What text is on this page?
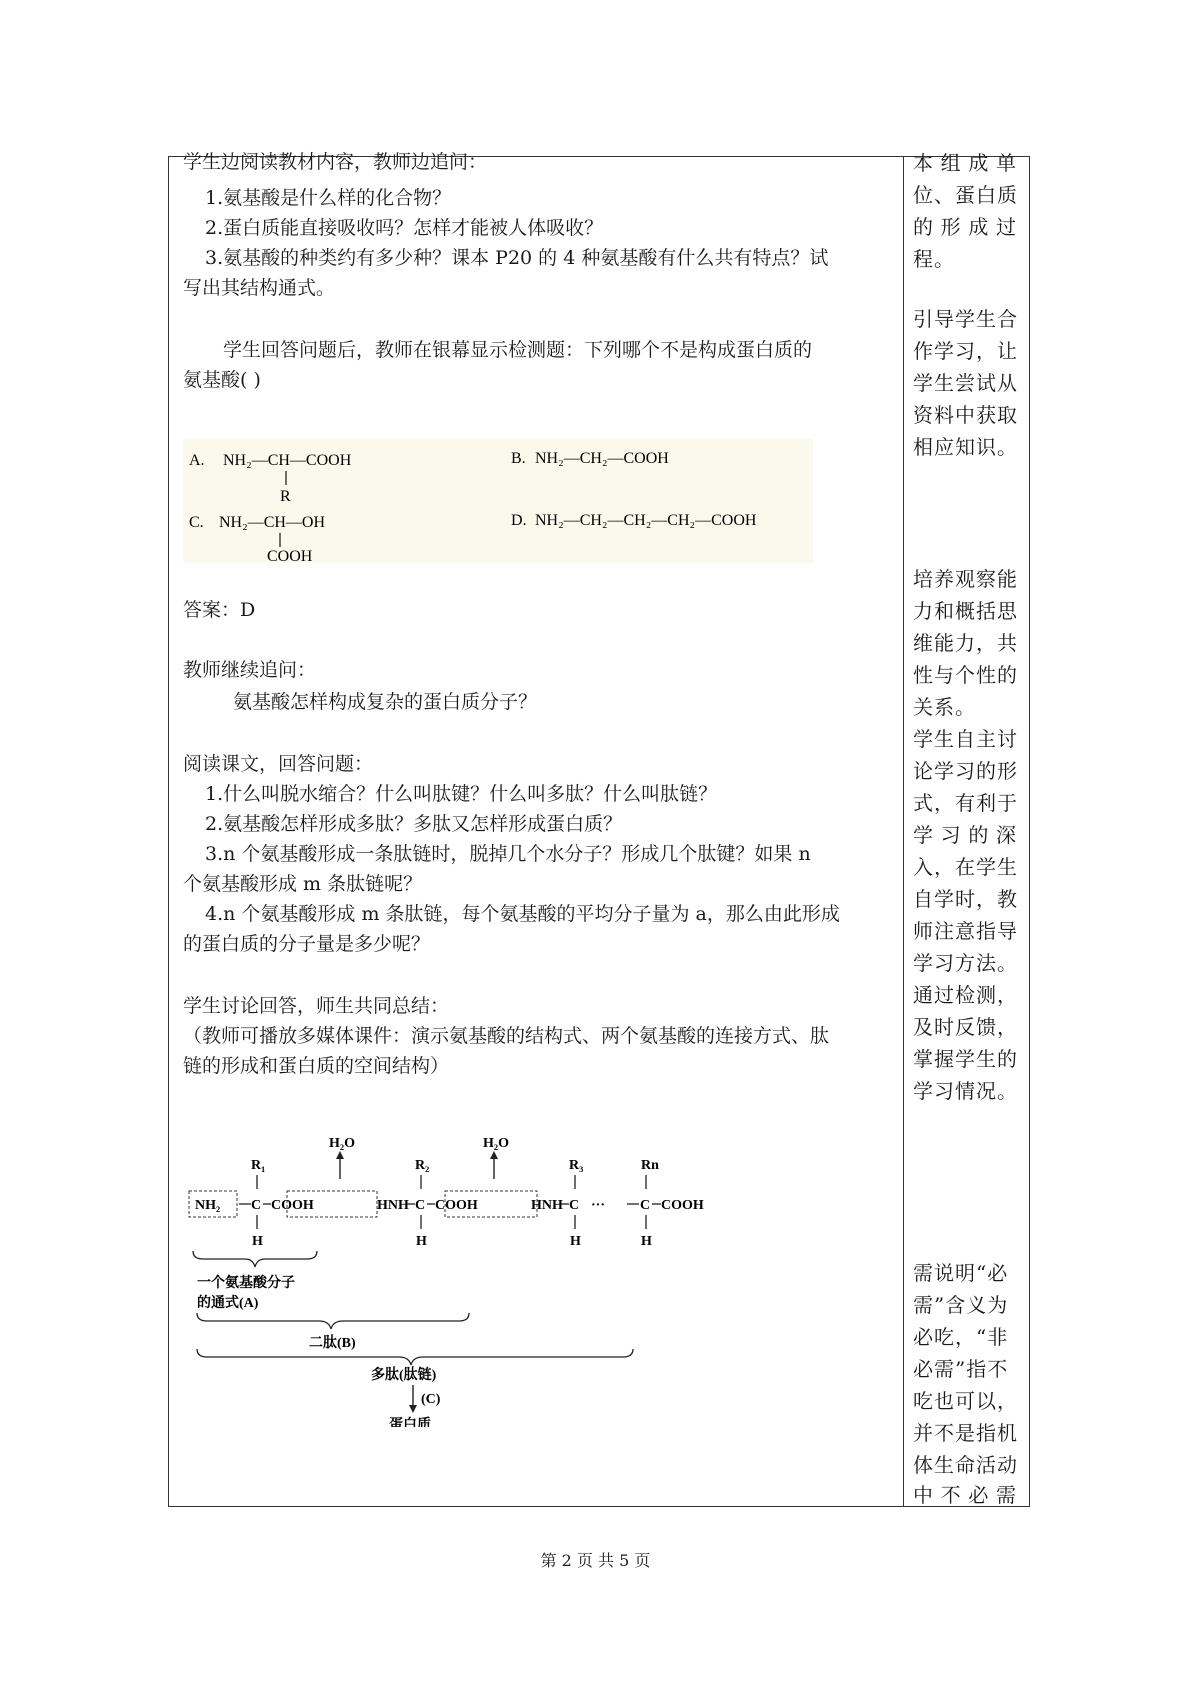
学生边阅读教材内容，教师边追问：
1.氨基酸是什么样的化合物？
2.蛋白质能直接吸收吗？怎样才能被人体吸收？
3.氨基酸的种类约有多少种？课本 P20 的 4 种氨基酸有什么共有特点？试
写出其结构通式。
学生回答问题后，教师在银幕显示检测题：下列哪个不是构成蛋白质的
氨基酸( )
A. NH₂—CH—COOH
R
B. NH₂—CH₂—COOH
C. NH₂—CH—OH
COOH
D. NH₂—CH₂—CH₂—CH₂—COOH
答案：D
教师继续追问：
氨基酸怎样构成复杂的蛋白质分子？
阅读课文，回答问题：
1.什么叫脱水缩合？什么叫肽键？什么叫多肽？什么叫肽链？
2.氨基酸怎样形成多肽？多肽又怎样形成蛋白质？
3.n 个氨基酸形成一条肽链时，脱掉几个水分子？形成几个肽键？如果 n
个氨基酸形成 m 条肽链呢？
4.n 个氨基酸形成 m 条肽链，每个氨基酸的平均分子量为 a，那么由此形成
的蛋白质的分子量是多少呢？
学生讨论回答，师生共同总结：
（教师可播放多媒体课件：演示氨基酸的结构式、两个氨基酸的连接方式、肽
链的形成和蛋白质的空间结构）
H₂O	H₂O
R₁	R₂	R₃	Rn
NH₂ C COOH	HNH C COOH	HNH C ··· C COOH
H	H	H	H
一个氨基酸分子
的通式(A)
二肽(B)
多肽(肽链)
(C)
蛋白质
本 组 成 单
位、蛋白质
的 形 成 过
程。
引导学生合
作学习，让
学生尝试从
资料中获取
相应知识。
培养观察能
力和概括思
维能力，共
性与个性的
关系。
学生自主讨
论学习的形
式，有利于
学 习 的 深
入，在学生
自学时，教
师注意指导
学习方法。
通过检测，
及时反馈，
掌握学生的
学习情况。
需说明“必
需”含义为
必吃，“非
必需”指不
吃也可以，
并不是指机
体生命活动
中 不 必 需
第 2 页 共 5 页
